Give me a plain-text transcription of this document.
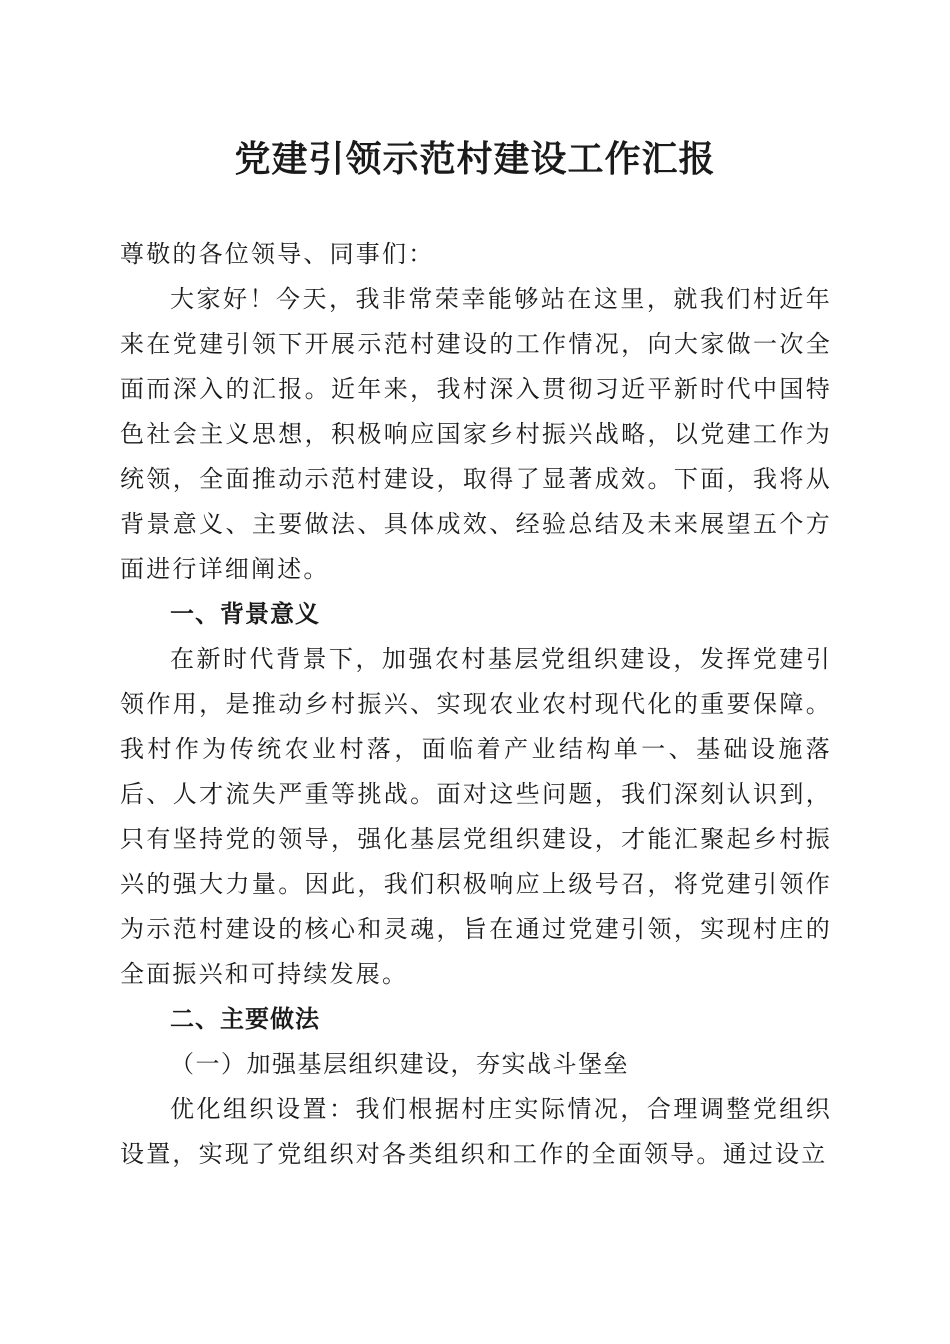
党建引领示范村建设工作汇报

尊敬的各位领导、同事们：

大家好！今天，我非常荣幸能够站在这里，就我们村近年来在党建引领下开展示范村建设的工作情况，向大家做一次全面而深入的汇报。近年来，我村深入贯彻习近平新时代中国特色社会主义思想，积极响应国家乡村振兴战略，以党建工作为统领，全面推动示范村建设，取得了显著成效。下面，我将从背景意义、主要做法、具体成效、经验总结及未来展望五个方面进行详细阐述。

一、背景意义

在新时代背景下，加强农村基层党组织建设，发挥党建引领作用，是推动乡村振兴、实现农业农村现代化的重要保障。我村作为传统农业村落，面临着产业结构单一、基础设施落后、人才流失严重等挑战。面对这些问题，我们深刻认识到，只有坚持党的领导，强化基层党组织建设，才能汇聚起乡村振兴的强大力量。因此，我们积极响应上级号召，将党建引领作为示范村建设的核心和灵魂，旨在通过党建引领，实现村庄的全面振兴和可持续发展。

二、主要做法

（一）加强基层组织建设，夯实战斗堡垒

优化组织设置：我们根据村庄实际情况，合理调整党组织设置，实现了党组织对各类组织和工作的全面领导。通过设立
